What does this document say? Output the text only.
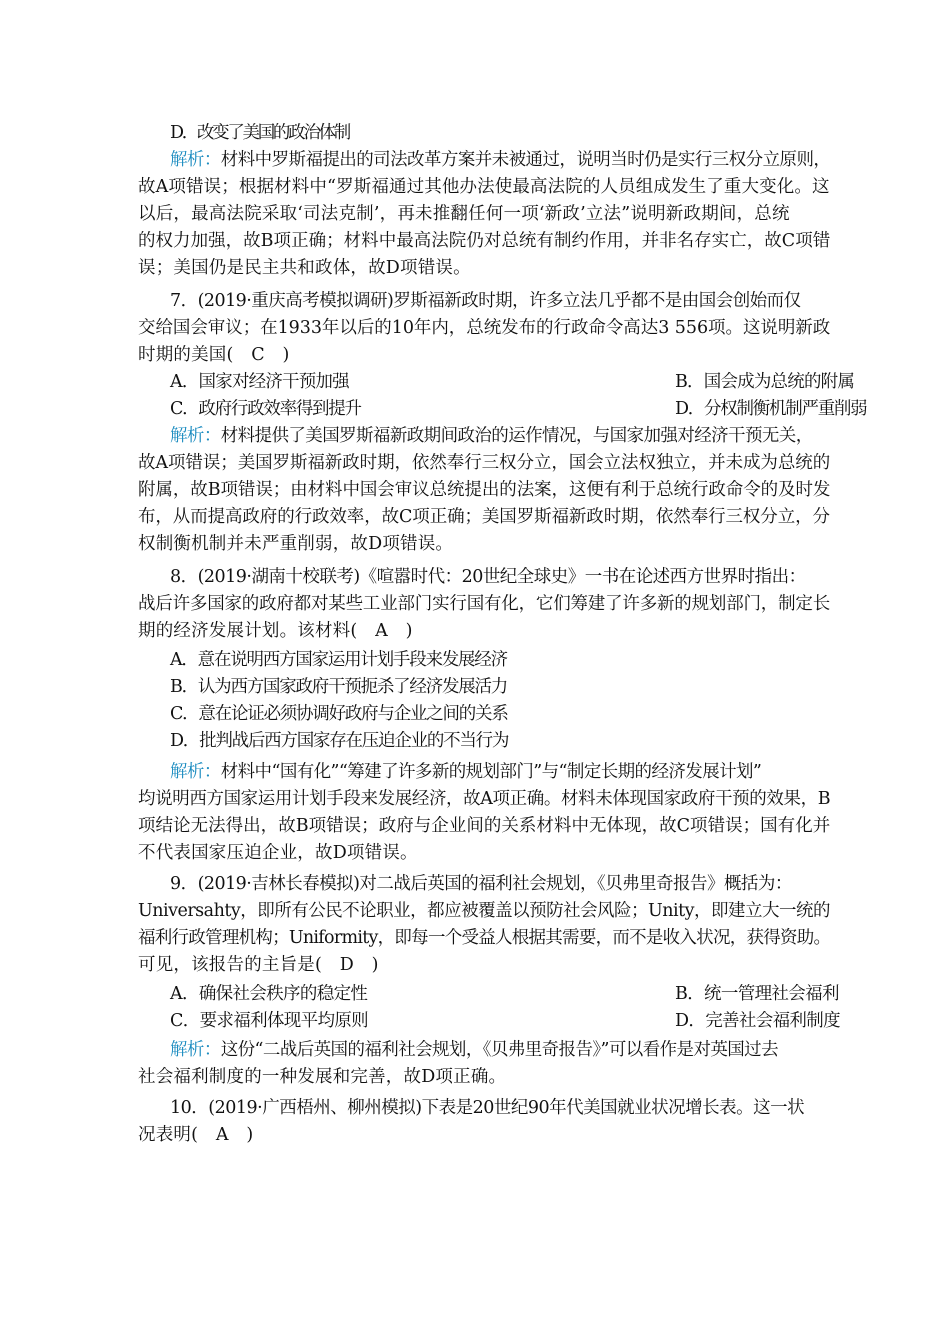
D．改变了美国的政治体制
解析：材料中罗斯福提出的司法改革方案并未被通过，说明当时仍是实行三权分立原则，
故A项错误；根据材料中“罗斯福通过其他办法使最高法院的人员组成发生了重大变化。这
以后，最高法院采取‘司法克制’，再未推翻任何一项‘新政’立法”说明新政期间，总统
的权力加强，故B项正确；材料中最高法院仍对总统有制约作用，并非名存实亡，故C项错
误；美国仍是民主共和政体，故D项错误。
7．(2019·重庆高考模拟调研)罗斯福新政时期，许多立法几乎都不是由国会创始而仅
交给国会审议；在1933年以后的10年内，总统发布的行政命令高达3 556项。这说明新政
时期的美国(　C　)
A．国家对经济干预加强	B．国会成为总统的附属
C．政府行政效率得到提升	D．分权制衡机制严重削弱
解析：材料提供了美国罗斯福新政期间政治的运作情况，与国家加强对经济干预无关，
故A项错误；美国罗斯福新政时期，依然奉行三权分立，国会立法权独立，并未成为总统的
附属，故B项错误；由材料中国会审议总统提出的法案，这便有利于总统行政命令的及时发
布，从而提高政府的行政效率，故C项正确；美国罗斯福新政时期，依然奉行三权分立，分
权制衡机制并未严重削弱，故D项错误。
8．(2019·湖南十校联考)《喧嚣时代：20世纪全球史》一书在论述西方世界时指出：
战后许多国家的政府都对某些工业部门实行国有化，它们筹建了许多新的规划部门，制定长
期的经济发展计划。该材料(　A　)
A．意在说明西方国家运用计划手段来发展经济
B．认为西方国家政府干预扼杀了经济发展活力
C．意在论证必须协调好政府与企业之间的关系
D．批判战后西方国家存在压迫企业的不当行为
解析：材料中“国有化”“筹建了许多新的规划部门”与“制定长期的经济发展计划”
均说明西方国家运用计划手段来发展经济，故A项正确。材料未体现国家政府干预的效果，B
项结论无法得出，故B项错误；政府与企业间的关系材料中无体现，故C项错误；国有化并
不代表国家压迫企业，故D项错误。
9．(2019·吉林长春模拟)对二战后英国的福利社会规划，《贝弗里奇报告》概括为：
Universahty，即所有公民不论职业，都应被覆盖以预防社会风险；Unity，即建立大一统的
福利行政管理机构；Uniformity，即每一个受益人根据其需要，而不是收入状况，获得资助。
可见，该报告的主旨是(　D　)
A．确保社会秩序的稳定性	B．统一管理社会福利
C．要求福利体现平均原则	D．完善社会福利制度
解析：这份“二战后英国的福利社会规划，《贝弗里奇报告》”可以看作是对英国过去
社会福利制度的一种发展和完善，故D项正确。
10．(2019·广西梧州、柳州模拟)下表是20世纪90年代美国就业状况增长表。这一状
况表明(　A　)
